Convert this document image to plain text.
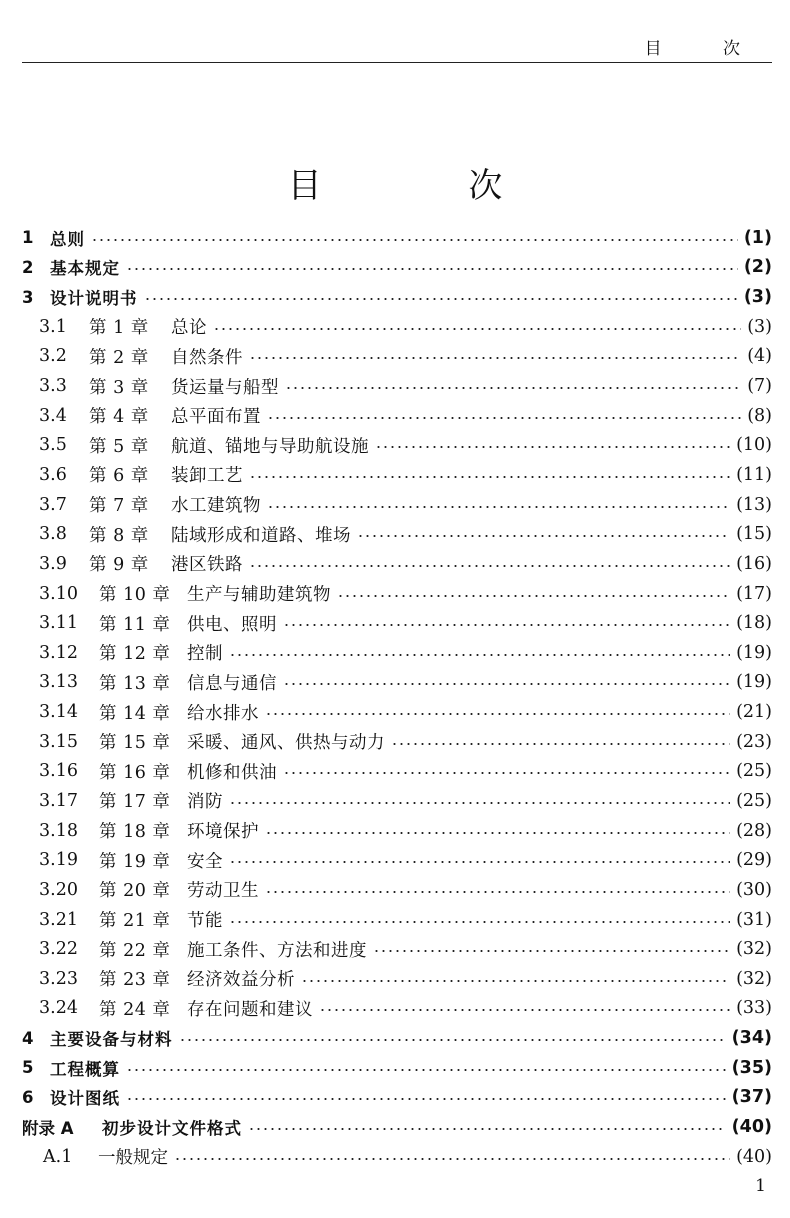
目 次
目 次
1	总则	(1)
2	基本规定	(2)
3	设计说明书	(3)
3.1	第 1 章	总论	(3)
3.2	第 2 章	自然条件	(4)
3.3	第 3 章	货运量与船型	(7)
3.4	第 4 章	总平面布置	(8)
3.5	第 5 章	航道、锚地与导助航设施	(10)
3.6	第 6 章	装卸工艺	(11)
3.7	第 7 章	水工建筑物	(13)
3.8	第 8 章	陆域形成和道路、堆场	(15)
3.9	第 9 章	港区铁路	(16)
3.10	第 10 章 生产与辅助建筑物	(17)
3.11	第 11 章 供电、照明	(18)
3.12	第 12 章 控制	(19)
3.13	第 13 章 信息与通信	(19)
3.14	第 14 章 给水排水	(21)
3.15	第 15 章 采暖、通风、供热与动力	(23)
3.16	第 16 章 机修和供油	(25)
3.17	第 17 章 消防	(25)
3.18	第 18 章 环境保护	(28)
3.19	第 19 章 安全	(29)
3.20	第 20 章 劳动卫生	(30)
3.21	第 21 章 节能	(31)
3.22	第 22 章 施工条件、方法和进度	(32)
3.23	第 23 章 经济效益分析	(32)
3.24	第 24 章 存在问题和建议	(33)
4	主要设备与材料	(34)
5	工程概算	(35)
6	设计图纸	(37)
附录 A	初步设计文件格式	(40)
A.1	一般规定	(40)
1
